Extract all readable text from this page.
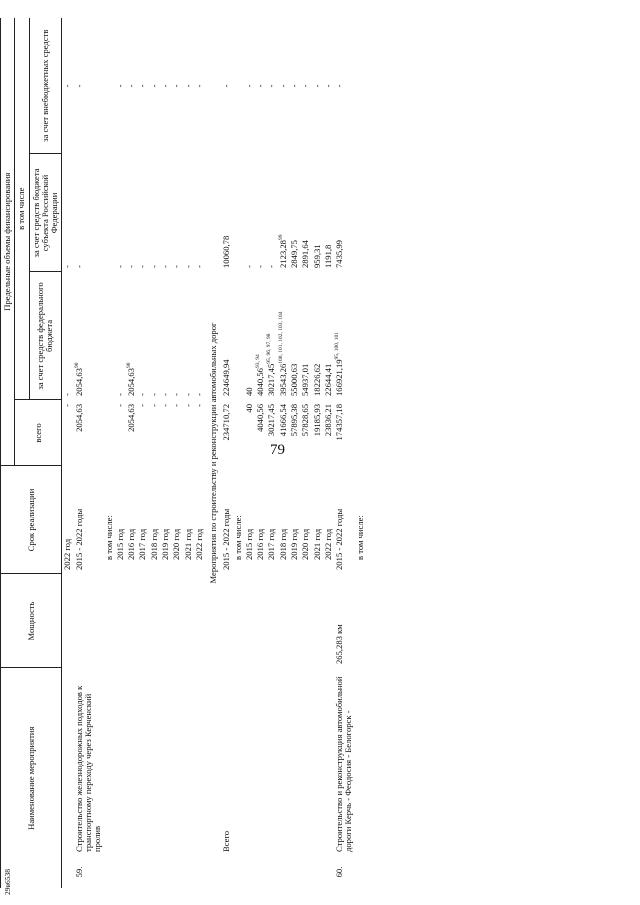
79
Наименование мероприятия		Мощность	Срок реализации	Предельные объемы финансирования			
				всего	в том числе		
					за счет средств федерального бюджета	за счет средств бюджета субъекта Российской Федерации	за счет внебюджетных средств
			2022 год	-	-	-	-
59.	Строительство железнодорожных подходов к транспортному переходу через Керченский пролив		2015 - 2022 годы	2054,63	2054,63$^{90}$	-	-
			в том числе:				
			2015 год	-	-	-	-
			2016 год	2054,63	2054,63$^{90}$	-	-
			2017 год	-	-	-	-
			2018 год	-	-	-	-
			2019 год	-	-	-	-
			2020 год	-	-	-	-
			2021 год	-	-	-	-
			2022 год	-	-	-	-
Мероприятия по строительству и реконструкции автомобильных дорог							
	Всего		2015 - 2022 годы	234710,72	224649,94	10060,78	-
			в том числе:				
			2015 год	40	40	-	-
			2016 год	4040,56	4040,56$^{93, 94}$	-	-
			2017 год	30217,45	30217,45$^{95, 96, 97, 98}$	-	-
			2018 год	41666,54	39543,26$^{100, 101, 102, 103, 104}$	2123,28$^{99}$	-
			2019 год	57895,38	55000,63	2849,75	-
			2020 год	57828,65	54937,01	2891,64	-
			2021 год	19185,93	18226,62	959,31	-
			2022 год	23836,21	22644,41	1191,8	-
60.	Строительство и реконструкция автомобильной дороги Керчь - Феодосия - Белогорск -	265,283 км	2015 - 2022 годы	174357,18	166921,19$^{95, 100, 101}$	7435,99	-
			в том числе:				
29в6538
